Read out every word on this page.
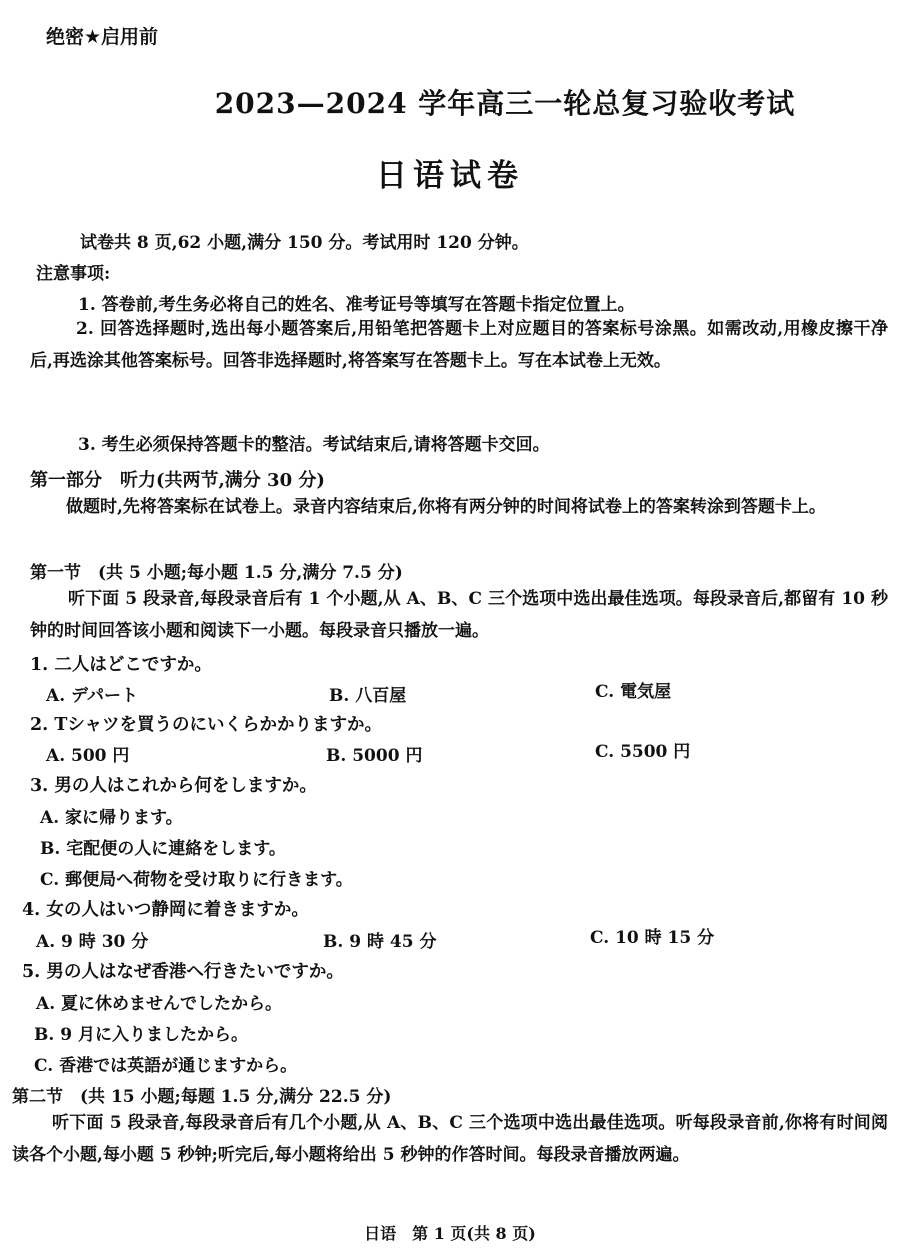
绝密★启用前
2023—2024 学年高三一轮总复习验收考试
日语试卷
试卷共 8 页,62 小题,满分 150 分。考试用时 120 分钟。
注意事项:
1. 答卷前,考生务必将自己的姓名、准考证号等填写在答题卡指定位置上。
2. 回答选择题时,选出每小题答案后,用铅笔把答题卡上对应题目的答案标号涂黑。如需改动,用橡皮擦干净后,再选涂其他答案标号。回答非选择题时,将答案写在答题卡上。写在本试卷上无效。
3. 考生必须保持答题卡的整洁。考试结束后,请将答题卡交回。
第一部分　听力(共两节,满分 30 分)
做题时,先将答案标在试卷上。录音内容结束后,你将有两分钟的时间将试卷上的答案转涂到答题卡上。
第一节　(共 5 小题;每小题 1.5 分,满分 7.5 分)
听下面 5 段录音,每段录音后有 1 个小题,从 A、B、C 三个选项中选出最佳选项。每段录音后,都留有 10 秒钟的时间回答该小题和阅读下一小题。每段录音只播放一遍。
1. 二人はどこですか。
A. デパート	B. 八百屋	C. 電気屋
2. Tシャツを買うのにいくらかかりますか。
A. 500 円	B. 5000 円	C. 5500 円
3. 男の人はこれから何をしますか。
A. 家に帰ります。
B. 宅配便の人に連絡をします。
C. 郵便局へ荷物を受け取りに行きます。
4. 女の人はいつ静岡に着きますか。
A. 9 時 30 分	B. 9 時 45 分	C. 10 時 15 分
5. 男の人はなぜ香港へ行きたいですか。
A. 夏に休めませんでしたから。
B. 9 月に入りましたから。
C. 香港では英語が通じますから。
第二节　(共 15 小题;每题 1.5 分,满分 22.5 分)
听下面 5 段录音,每段录音后有几个小题,从 A、B、C 三个选项中选出最佳选项。听每段录音前,你将有时间阅读各个小题,每小题 5 秒钟;听完后,每小题将给出 5 秒钟的作答时间。每段录音播放两遍。
日语　第 1 页(共 8 页)
